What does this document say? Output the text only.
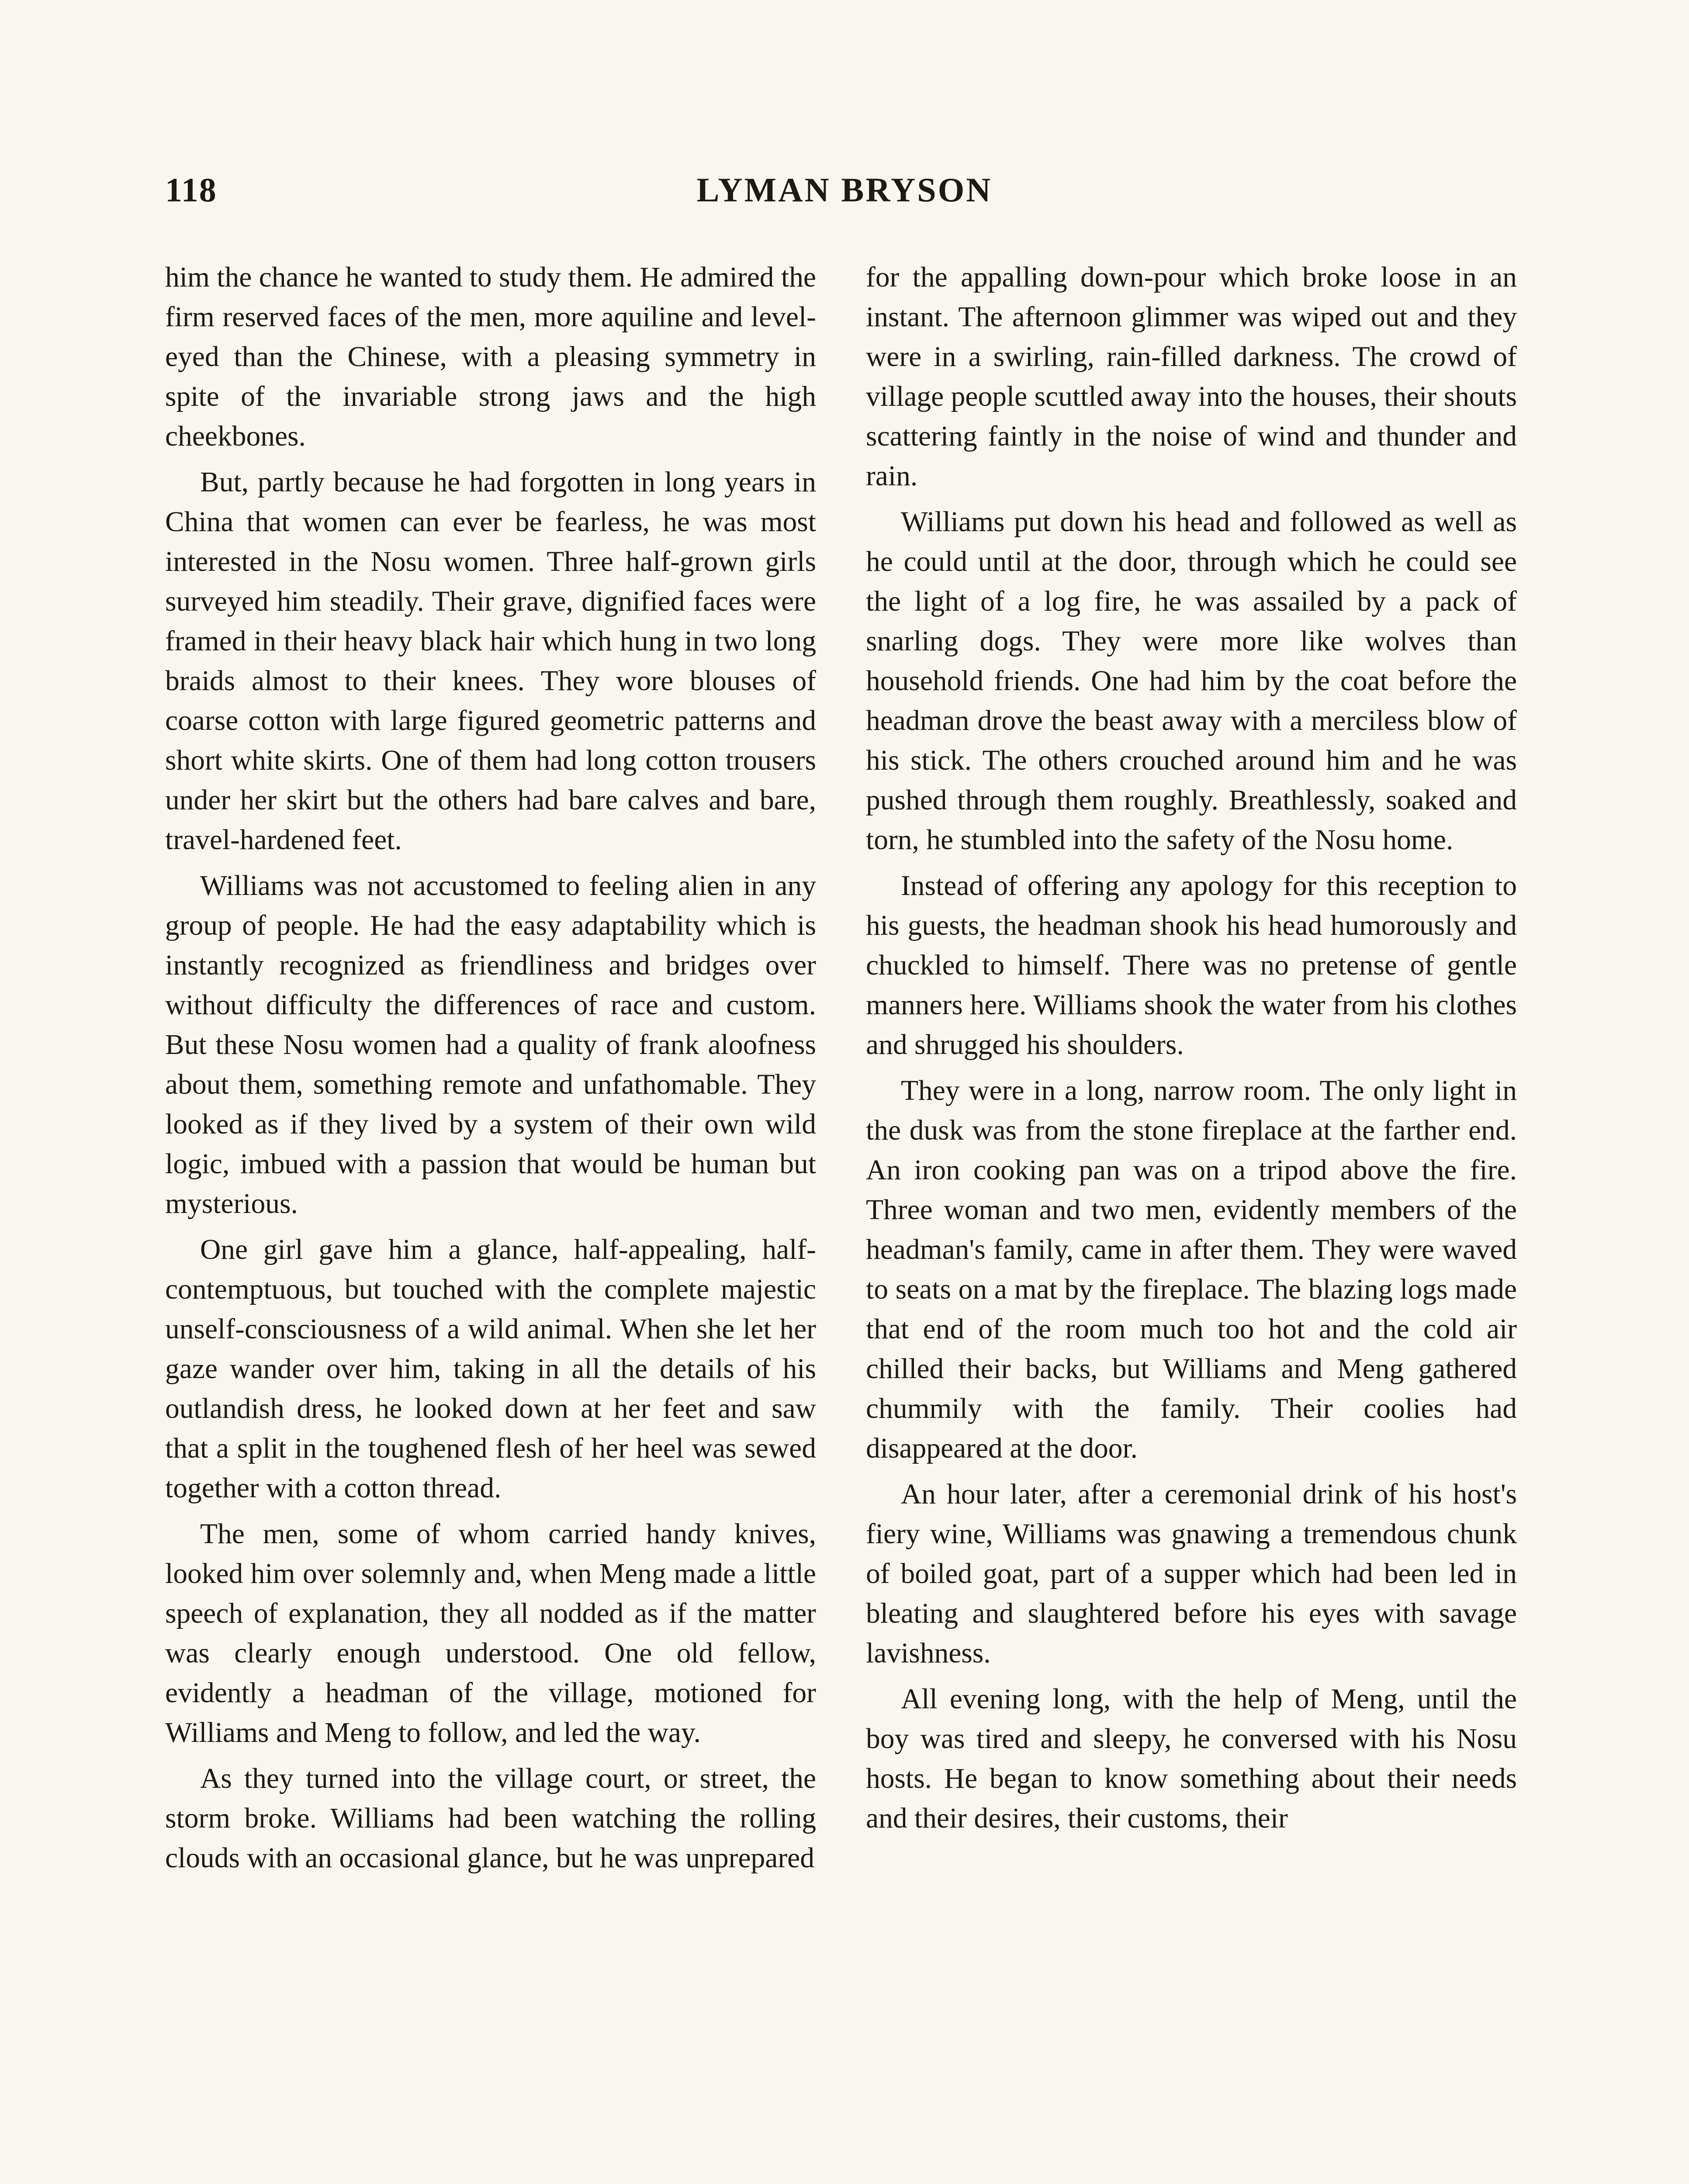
118	LYMAN BRYSON

him the chance he wanted to study them. He admired the firm reserved faces of the men, more aquiline and level-eyed than the Chinese, with a pleasing symmetry in spite of the invariable strong jaws and the high cheekbones.

But, partly because he had forgotten in long years in China that women can ever be fearless, he was most interested in the Nosu women. Three half-grown girls surveyed him steadily. Their grave, dignified faces were framed in their heavy black hair which hung in two long braids almost to their knees. They wore blouses of coarse cotton with large figured geometric patterns and short white skirts. One of them had long cotton trousers under her skirt but the others had bare calves and bare, travel-hardened feet.

Williams was not accustomed to feeling alien in any group of people. He had the easy adaptability which is instantly recognized as friendliness and bridges over without difficulty the differences of race and custom. But these Nosu women had a quality of frank aloofness about them, something remote and unfathomable. They looked as if they lived by a system of their own wild logic, imbued with a passion that would be human but mysterious.

One girl gave him a glance, half-appealing, half-contemptuous, but touched with the complete majestic unself-consciousness of a wild animal. When she let her gaze wander over him, taking in all the details of his outlandish dress, he looked down at her feet and saw that a split in the toughened flesh of her heel was sewed together with a cotton thread.

The men, some of whom carried handy knives, looked him over solemnly and, when Meng made a little speech of explanation, they all nodded as if the matter was clearly enough understood. One old fellow, evidently a headman of the village, motioned for Williams and Meng to follow, and led the way.

As they turned into the village court, or street, the storm broke. Williams had been watching the rolling clouds with an occasional glance, but he was unprepared

for the appalling down-pour which broke loose in an instant. The afternoon glimmer was wiped out and they were in a swirling, rain-filled darkness. The crowd of village people scuttled away into the houses, their shouts scattering faintly in the noise of wind and thunder and rain.

Williams put down his head and followed as well as he could until at the door, through which he could see the light of a log fire, he was assailed by a pack of snarling dogs. They were more like wolves than household friends. One had him by the coat before the headman drove the beast away with a merciless blow of his stick. The others crouched around him and he was pushed through them roughly. Breathlessly, soaked and torn, he stumbled into the safety of the Nosu home.

Instead of offering any apology for this reception to his guests, the headman shook his head humorously and chuckled to himself. There was no pretense of gentle manners here. Williams shook the water from his clothes and shrugged his shoulders.

They were in a long, narrow room. The only light in the dusk was from the stone fireplace at the farther end. An iron cooking pan was on a tripod above the fire. Three woman and two men, evidently members of the headman's family, came in after them. They were waved to seats on a mat by the fireplace. The blazing logs made that end of the room much too hot and the cold air chilled their backs, but Williams and Meng gathered chummily with the family. Their coolies had disappeared at the door.

An hour later, after a ceremonial drink of his host's fiery wine, Williams was gnawing a tremendous chunk of boiled goat, part of a supper which had been led in bleating and slaughtered before his eyes with savage lavishness.

All evening long, with the help of Meng, until the boy was tired and sleepy, he conversed with his Nosu hosts. He began to know something about their needs and their desires, their customs, their
